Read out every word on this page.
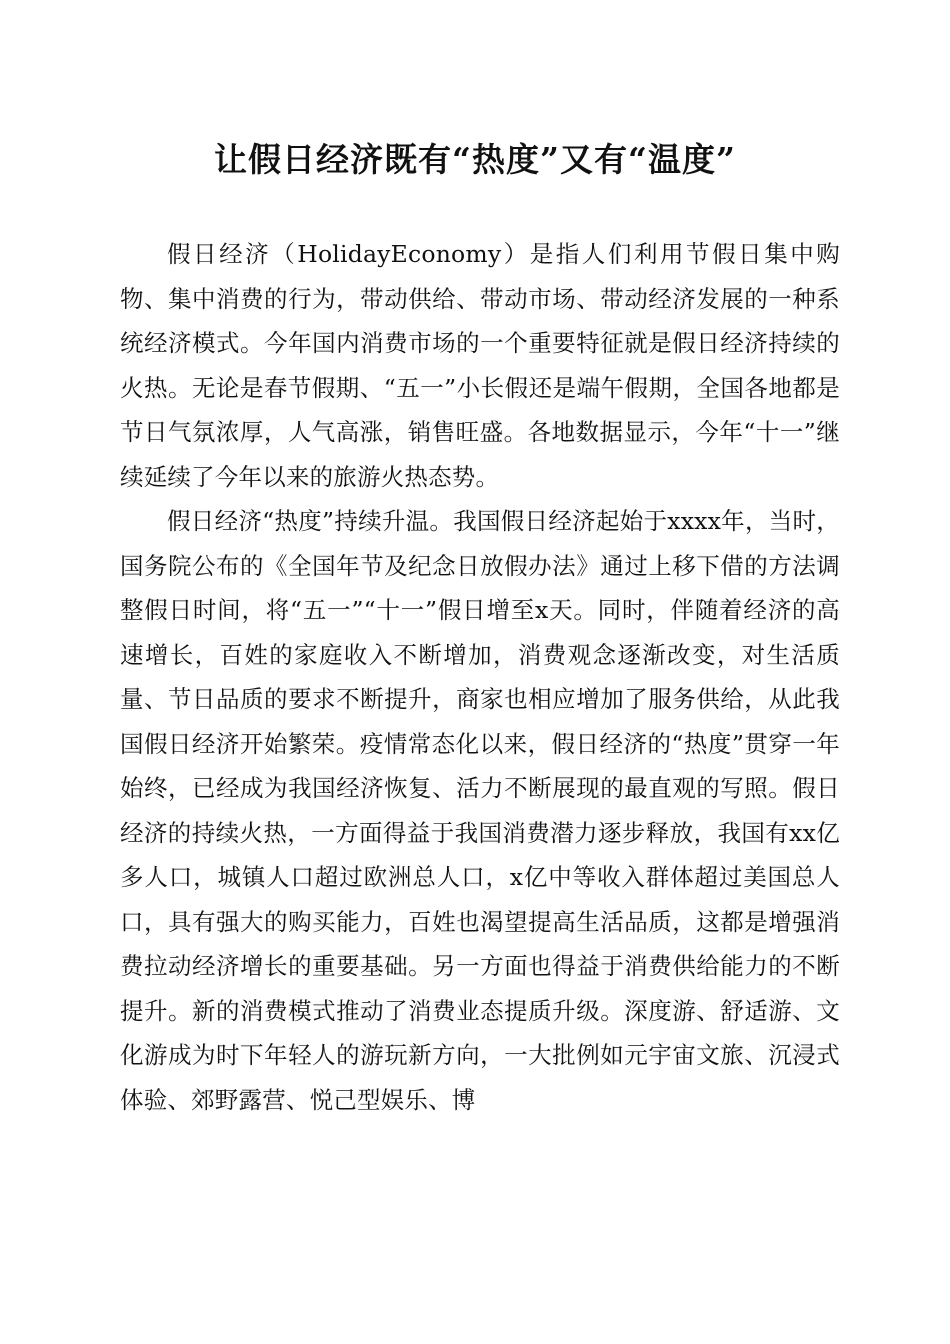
让假日经济既有“热度”又有“温度”

假日经济（HolidayEconomy）是指人们利用节假日集中购物、集中消费的行为，带动供给、带动市场、带动经济发展的一种系统经济模式。今年国内消费市场的一个重要特征就是假日经济持续的火热。无论是春节假期、“五一”小长假还是端午假期，全国各地都是节日气氛浓厚，人气高涨，销售旺盛。各地数据显示，今年“十一”继续延续了今年以来的旅游火热态势。

假日经济“热度”持续升温。我国假日经济起始于xxxx年，当时，国务院公布的《全国年节及纪念日放假办法》通过上移下借的方法调整假日时间，将“五一”“十一”假日增至x天。同时，伴随着经济的高速增长，百姓的家庭收入不断增加，消费观念逐渐改变，对生活质量、节日品质的要求不断提升，商家也相应增加了服务供给，从此我国假日经济开始繁荣。疫情常态化以来，假日经济的“热度”贯穿一年始终，已经成为我国经济恢复、活力不断展现的最直观的写照。假日经济的持续火热，一方面得益于我国消费潜力逐步释放，我国有xx亿多人口，城镇人口超过欧洲总人口，x亿中等收入群体超过美国总人口，具有强大的购买能力，百姓也渴望提高生活品质，这都是增强消费拉动经济增长的重要基础。另一方面也得益于消费供给能力的不断提升。新的消费模式推动了消费业态提质升级。深度游、舒适游、文化游成为时下年轻人的游玩新方向，一大批例如元宇宙文旅、沉浸式体验、郊野露营、悦己型娱乐、博
